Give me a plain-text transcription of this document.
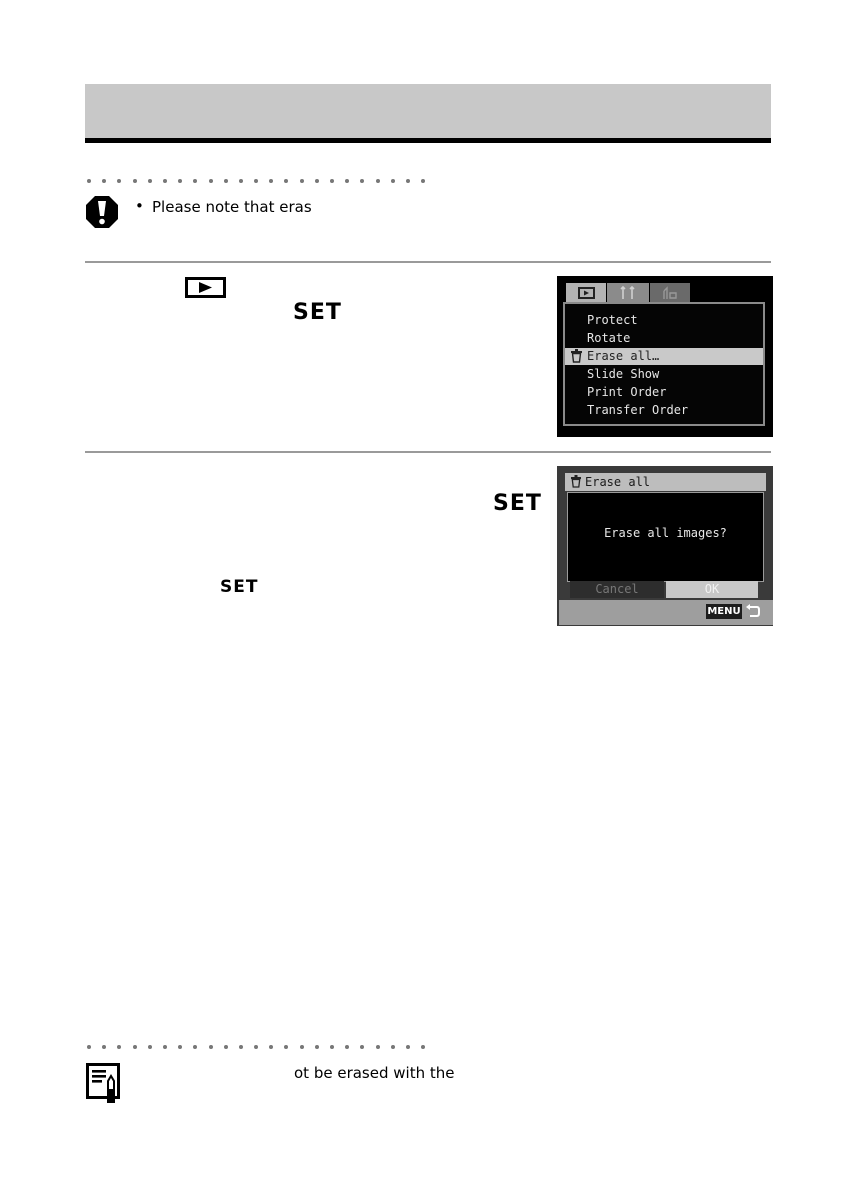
• Please note that eras
SET	Protect
Rotate
Erase all…
Slide Show
Print Order
Transfer Order
SET
SET
Erase all
Erase all images?
Cancel	OK
MENU
ot be erased with the
